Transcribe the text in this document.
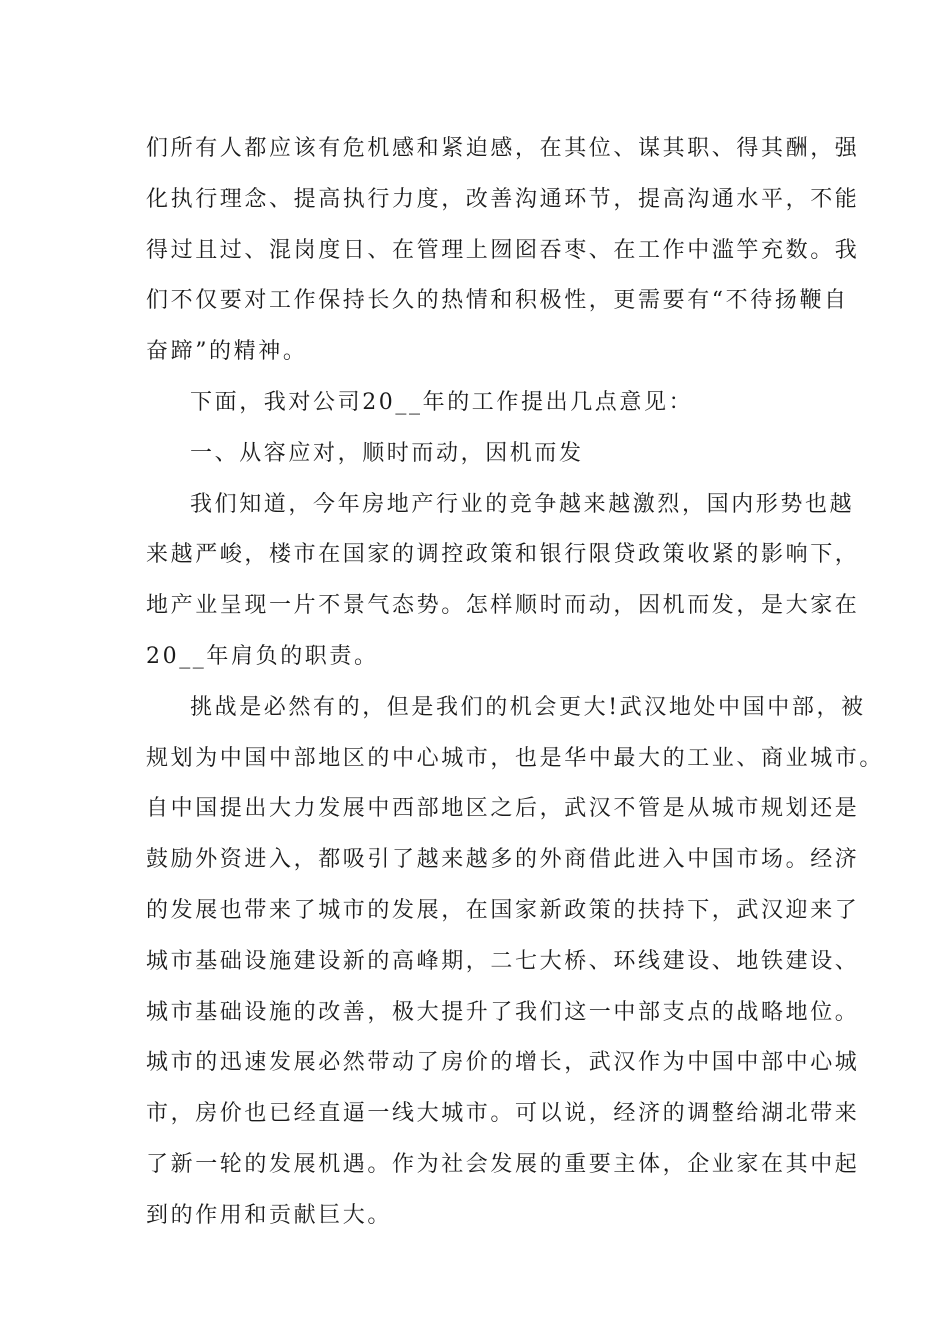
们所有人都应该有危机感和紧迫感，在其位、谋其职、得其酬，强
化执行理念、提高执行力度，改善沟通环节，提高沟通水平，不能
得过且过、混岗度日、在管理上囫囵吞枣、在工作中滥竽充数。我
们不仅要对工作保持长久的热情和积极性，更需要有“不待扬鞭自
奋蹄”的精神。
下面，我对公司20__年的工作提出几点意见：
一、从容应对，顺时而动，因机而发
我们知道，今年房地产行业的竞争越来越激烈，国内形势也越
来越严峻，楼市在国家的调控政策和银行限贷政策收紧的影响下，
地产业呈现一片不景气态势。怎样顺时而动，因机而发，是大家在
20__年肩负的职责。
挑战是必然有的，但是我们的机会更大!武汉地处中国中部，被
规划为中国中部地区的中心城市，也是华中最大的工业、商业城市。
自中国提出大力发展中西部地区之后，武汉不管是从城市规划还是
鼓励外资进入，都吸引了越来越多的外商借此进入中国市场。经济
的发展也带来了城市的发展，在国家新政策的扶持下，武汉迎来了
城市基础设施建设新的高峰期，二七大桥、环线建设、地铁建设、
城市基础设施的改善，极大提升了我们这一中部支点的战略地位。
城市的迅速发展必然带动了房价的增长，武汉作为中国中部中心城
市，房价也已经直逼一线大城市。可以说，经济的调整给湖北带来
了新一轮的发展机遇。作为社会发展的重要主体，企业家在其中起
到的作用和贡献巨大。
